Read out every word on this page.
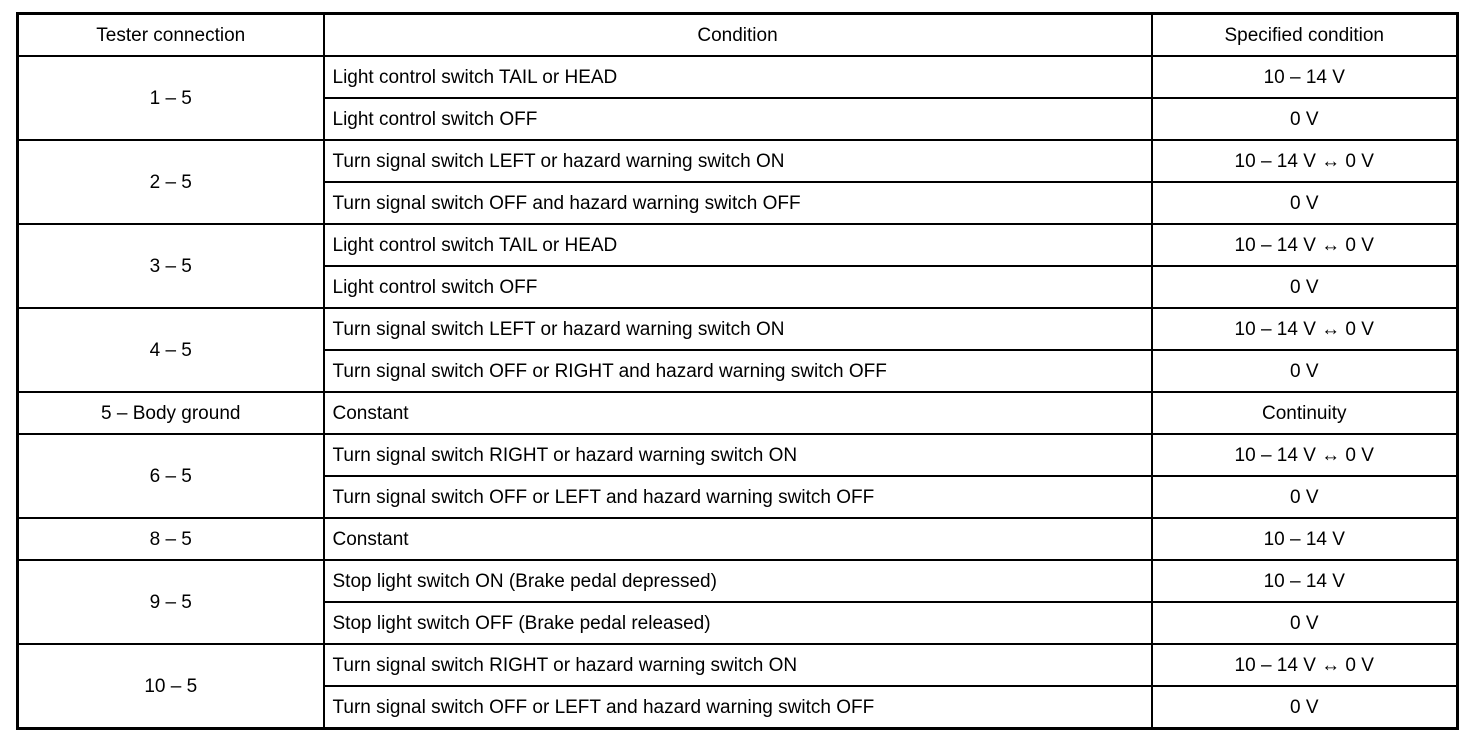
Tester connection	Condition	Specified condition
1 – 5	Light control switch TAIL or HEAD	10 – 14 V
	Light control switch OFF	0 V
2 – 5	Turn signal switch LEFT or hazard warning switch ON	10 – 14 V ↔ 0 V
	Turn signal switch OFF and hazard warning switch OFF	0 V
3 – 5	Light control switch TAIL or HEAD	10 – 14 V ↔ 0 V
	Light control switch OFF	0 V
4 – 5	Turn signal switch LEFT or hazard warning switch ON	10 – 14 V ↔ 0 V
	Turn signal switch OFF or RIGHT and hazard warning switch OFF	0 V
5 – Body ground	Constant	Continuity
6 – 5	Turn signal switch RIGHT or hazard warning switch ON	10 – 14 V ↔ 0 V
	Turn signal switch OFF or LEFT and hazard warning switch OFF	0 V
8 – 5	Constant	10 – 14 V
9 – 5	Stop light switch ON (Brake pedal depressed)	10 – 14 V
	Stop light switch OFF (Brake pedal released)	0 V
10 – 5	Turn signal switch RIGHT or hazard warning switch ON	10 – 14 V ↔ 0 V
	Turn signal switch OFF or LEFT and hazard warning switch OFF	0 V
